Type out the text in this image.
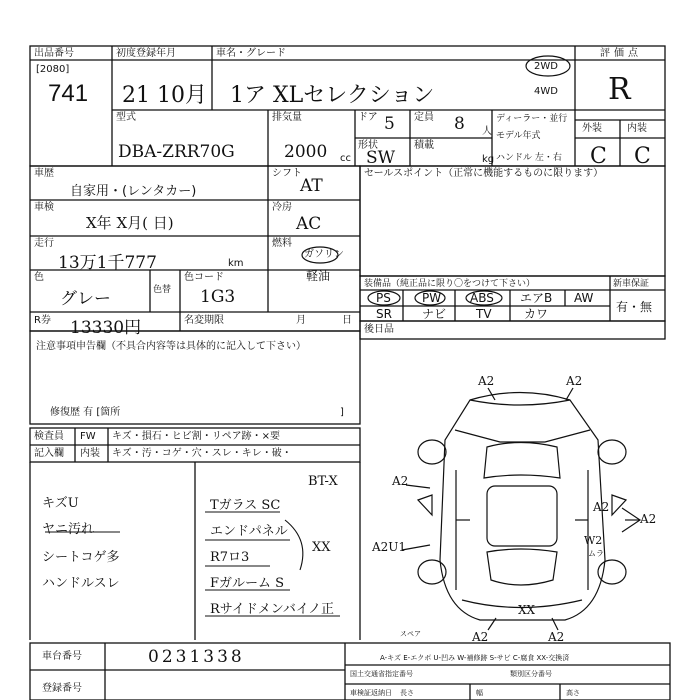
出品番号
[2080]
741
初度登録年月
21 10月
車名・グレード
1ア XLセレクション
2WD
4WD
評価点
R
型式
DBA-ZRR70G
排気量
2000 cc
ドア 5 定員 8 人
形状
SW
積載
kg
ディーラー・並行
モデル年式
ハンドル 左・右
外装	内装
C C
車歴
自家用・(レンタカー)
シフト
AT
車検
X年 X月( 日)
冷房
AC
走行
13万1千777	km
燃料
ガソリン
軽油
色
グレー	色替
色コード
1G3
R券 13330円	名変期限	月	日
セールスポイント（正常に機能するものに限ります）
装備品（純正品に限り〇をつけて下さい）	新車保証
有・無
PS	PW ABS エアB AW
SR	ナビ TV	カワ
後日品
注意事項申告欄（不具合内容等は具体的に記入して下さい）
修復歴 有 [箇所	]
検査員
記入欄
FW
内装
キズ・損石・ヒビ割・リペア跡・×要
キズ・汚・コゲ・穴・スレ・キレ・破・
BT-X
キズU
ヤニ汚れ
シートコゲ多
ハンドルスレ
Tガラス SC
エンドパネル
R7ロ3
Fガルーム S
Rサイドメンバイノ正
XX
A2	A2
A2
A2
A2U1
A2
W2
ムラ
XX
A2	A2
スペア
車台番号	0231338
登録番号
A-キズ E-エクボ U-凹み W-補修跡 S-サビ C-腐食 XX-交換済
国土交通省指定番号	類別区分番号
車検証返納日 長さ	幅	高さ
